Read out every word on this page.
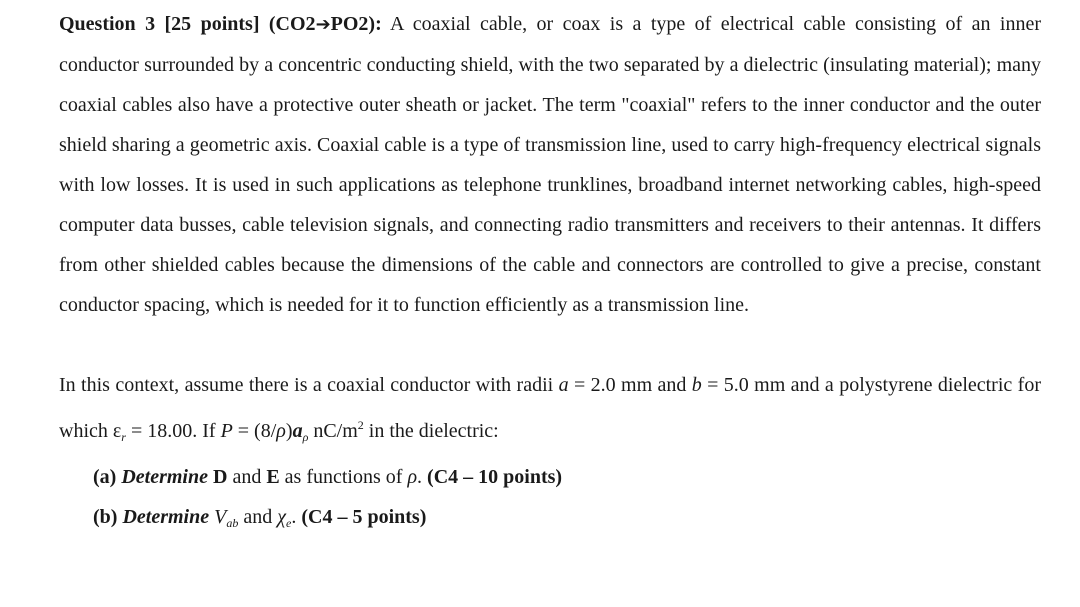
Question 3 [25 points] (CO2➔PO2): A coaxial cable, or coax is a type of electrical cable consisting of an inner conductor surrounded by a concentric conducting shield, with the two separated by a dielectric (insulating material); many coaxial cables also have a protective outer sheath or jacket. The term "coaxial" refers to the inner conductor and the outer shield sharing a geometric axis. Coaxial cable is a type of transmission line, used to carry high-frequency electrical signals with low losses. It is used in such applications as telephone trunklines, broadband internet networking cables, high-speed computer data busses, cable television signals, and connecting radio transmitters and receivers to their antennas. It differs from other shielded cables because the dimensions of the cable and connectors are controlled to give a precise, constant conductor spacing, which is needed for it to function efficiently as a transmission line.

In this context, assume there is a coaxial conductor with radii a = 2.0 mm and b = 5.0 mm and a polystyrene dielectric for which $\varepsilon_r = 18.00$. If $P = (8/\rho)a_\rho$ $nC/m^2$ in the dielectric:

(a) Determine D and E as functions of ρ. (C4 – 10 points)

(b) Determine $V_{ab}$ and $\chi_e$. (C4 – 5 points)
